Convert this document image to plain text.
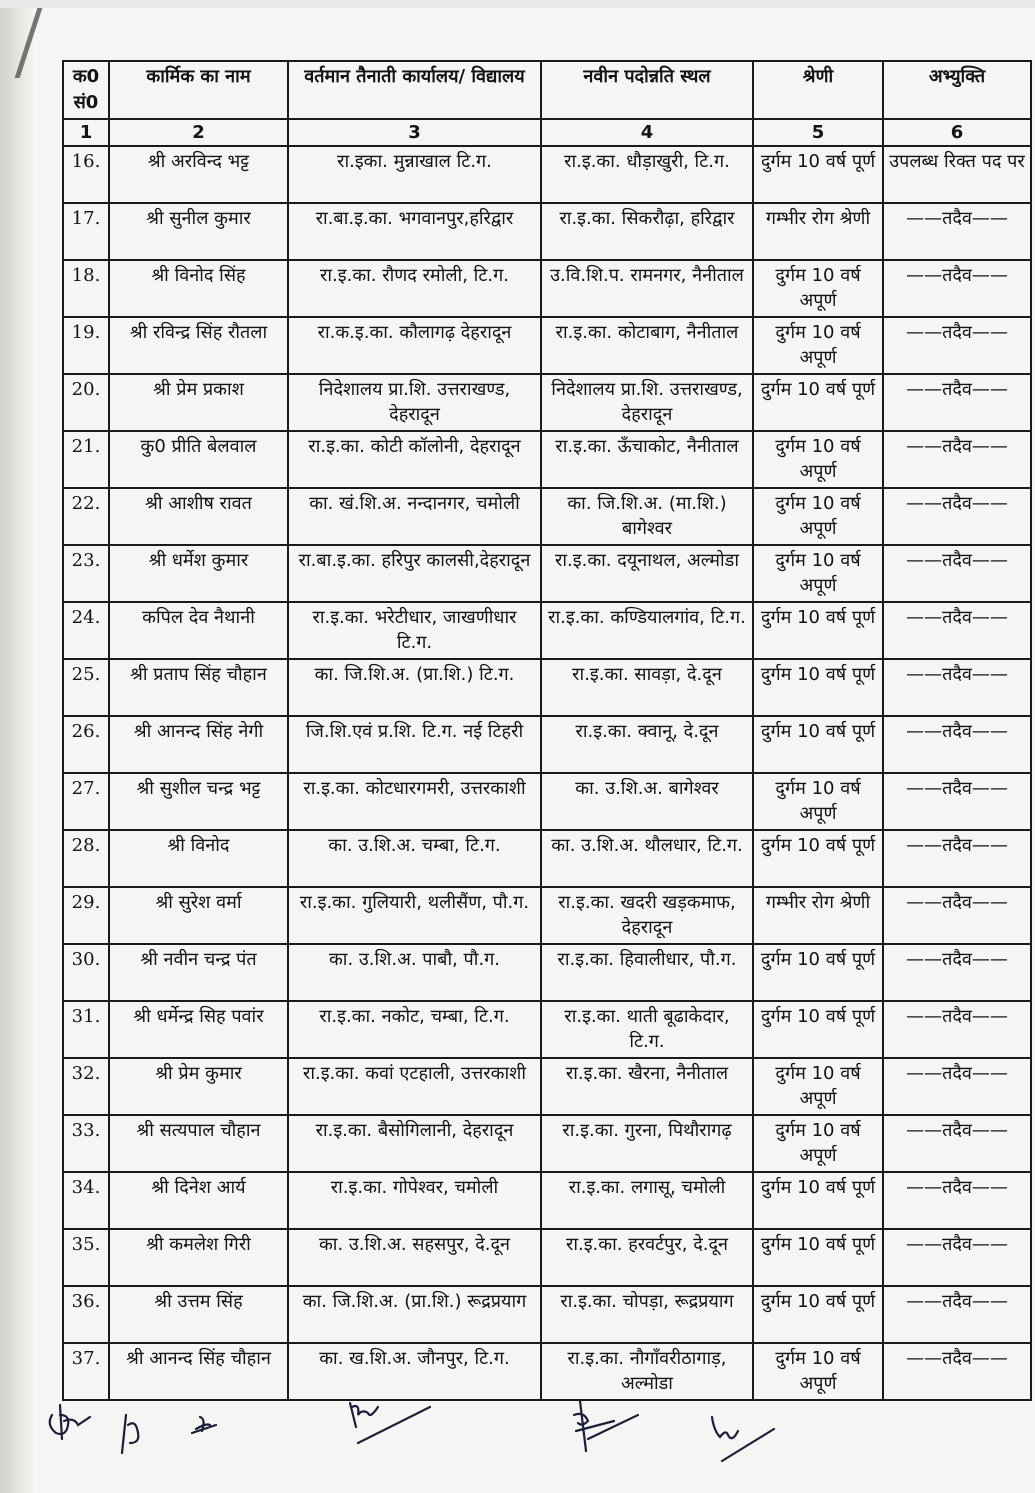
क0 सं0	कार्मिक का नाम	वर्तमान तैनाती कार्यालय/ विद्यालय	नवीन पदोन्नति स्थल	श्रेणी	अभ्युक्ति
1	2	3	4	5	6
16.	श्री अरविन्द भट्ट	रा.इका. मुन्नाखाल टि.ग.	रा.इ.का. धौड़ाखुरी, टि.ग.	दुर्गम 10 वर्ष पूर्ण	उपलब्ध रिक्त पद पर
17.	श्री सुनील कुमार	रा.बा.इ.का. भगवानपुर,हरिद्वार	रा.इ.का. सिकरौढ़ा, हरिद्वार	गम्भीर रोग श्रेणी	——तदैव——
18.	श्री विनोद सिंह	रा.इ.का. रौणद रमोली, टि.ग.	उ.वि.शि.प. रामनगर, नैनीताल	दुर्गम 10 वर्ष अपूर्ण	——तदैव——
19.	श्री रविन्द्र सिंह रौतला	रा.क.इ.का. कौलागढ़ देहरादून	रा.इ.का. कोटाबाग, नैनीताल	दुर्गम 10 वर्ष अपूर्ण	——तदैव——
20.	श्री प्रेम प्रकाश	निदेशालय प्रा.शि. उत्तराखण्ड, देहरादून	निदेशालय प्रा.शि. उत्तराखण्ड, देहरादून	दुर्गम 10 वर्ष पूर्ण	——तदैव——
21.	कु0 प्रीति बेलवाल	रा.इ.का. कोटी कॉलोनी, देहरादून	रा.इ.का. ऊँचाकोट, नैनीताल	दुर्गम 10 वर्ष अपूर्ण	——तदैव——
22.	श्री आशीष रावत	का. खं.शि.अ. नन्दानगर, चमोली	का. जि.शि.अ. (मा.शि.) बागेश्वर	दुर्गम 10 वर्ष अपूर्ण	——तदैव——
23.	श्री धर्मेश कुमार	रा.बा.इ.का. हरिपुर कालसी,देहरादून	रा.इ.का. दयूनाथल, अल्मोडा	दुर्गम 10 वर्ष अपूर्ण	——तदैव——
24.	कपिल देव नैथानी	रा.इ.का. भरेटीधार, जाखणीधार टि.ग.	रा.इ.का. कण्डियालगांव, टि.ग.	दुर्गम 10 वर्ष पूर्ण	——तदैव——
25.	श्री प्रताप सिंह चौहान	का. जि.शि.अ. (प्रा.शि.) टि.ग.	रा.इ.का. सावड़ा, दे.दून	दुर्गम 10 वर्ष पूर्ण	——तदैव——
26.	श्री आनन्द सिंह नेगी	जि.शि.एवं प्र.शि. टि.ग. नई टिहरी	रा.इ.का. क्वानू, दे.दून	दुर्गम 10 वर्ष पूर्ण	——तदैव——
27.	श्री सुशील चन्द्र भट्ट	रा.इ.का. कोटधारगमरी, उत्तरकाशी	का. उ.शि.अ. बागेश्वर	दुर्गम 10 वर्ष अपूर्ण	——तदैव——
28.	श्री विनोद	का. उ.शि.अ. चम्बा, टि.ग.	का. उ.शि.अ. थौलधार, टि.ग.	दुर्गम 10 वर्ष पूर्ण	——तदैव——
29.	श्री सुरेश वर्मा	रा.इ.का. गुलियारी, थलीसैंण, पौ.ग.	रा.इ.का. खदरी खड़कमाफ, देहरादून	गम्भीर रोग श्रेणी	——तदैव——
30.	श्री नवीन चन्द्र पंत	का. उ.शि.अ. पाबौ, पौ.ग.	रा.इ.का. हिवालीधार, पौ.ग.	दुर्गम 10 वर्ष पूर्ण	——तदैव——
31.	श्री धर्मेन्द्र सिह पवांर	रा.इ.का. नकोट, चम्बा, टि.ग.	रा.इ.का. थाती बूढाकेदार, टि.ग.	दुर्गम 10 वर्ष पूर्ण	——तदैव——
32.	श्री प्रेम कुमार	रा.इ.का. कवां एटहाली, उत्तरकाशी	रा.इ.का. खैरना, नैनीताल	दुर्गम 10 वर्ष अपूर्ण	——तदैव——
33.	श्री सत्यपाल चौहान	रा.इ.का. बैसोगिलानी, देहरादून	रा.इ.का. गुरना, पिथौरागढ़	दुर्गम 10 वर्ष अपूर्ण	——तदैव——
34.	श्री दिनेश आर्य	रा.इ.का. गोपेश्वर, चमोली	रा.इ.का. लगासू, चमोली	दुर्गम 10 वर्ष पूर्ण	——तदैव——
35.	श्री कमलेश गिरी	का. उ.शि.अ. सहसपुर, दे.दून	रा.इ.का. हरवर्टपुर, दे.दून	दुर्गम 10 वर्ष पूर्ण	——तदैव——
36.	श्री उत्तम सिंह	का. जि.शि.अ. (प्रा.शि.) रूद्रप्रयाग	रा.इ.का. चोपड़ा, रूद्रप्रयाग	दुर्गम 10 वर्ष पूर्ण	——तदैव——
37.	श्री आनन्द सिंह चौहान	का. ख.शि.अ. जौनपुर, टि.ग.	रा.इ.का. नौगाँवरीठागाड़, अल्मोडा	दुर्गम 10 वर्ष अपूर्ण	——तदैव——
